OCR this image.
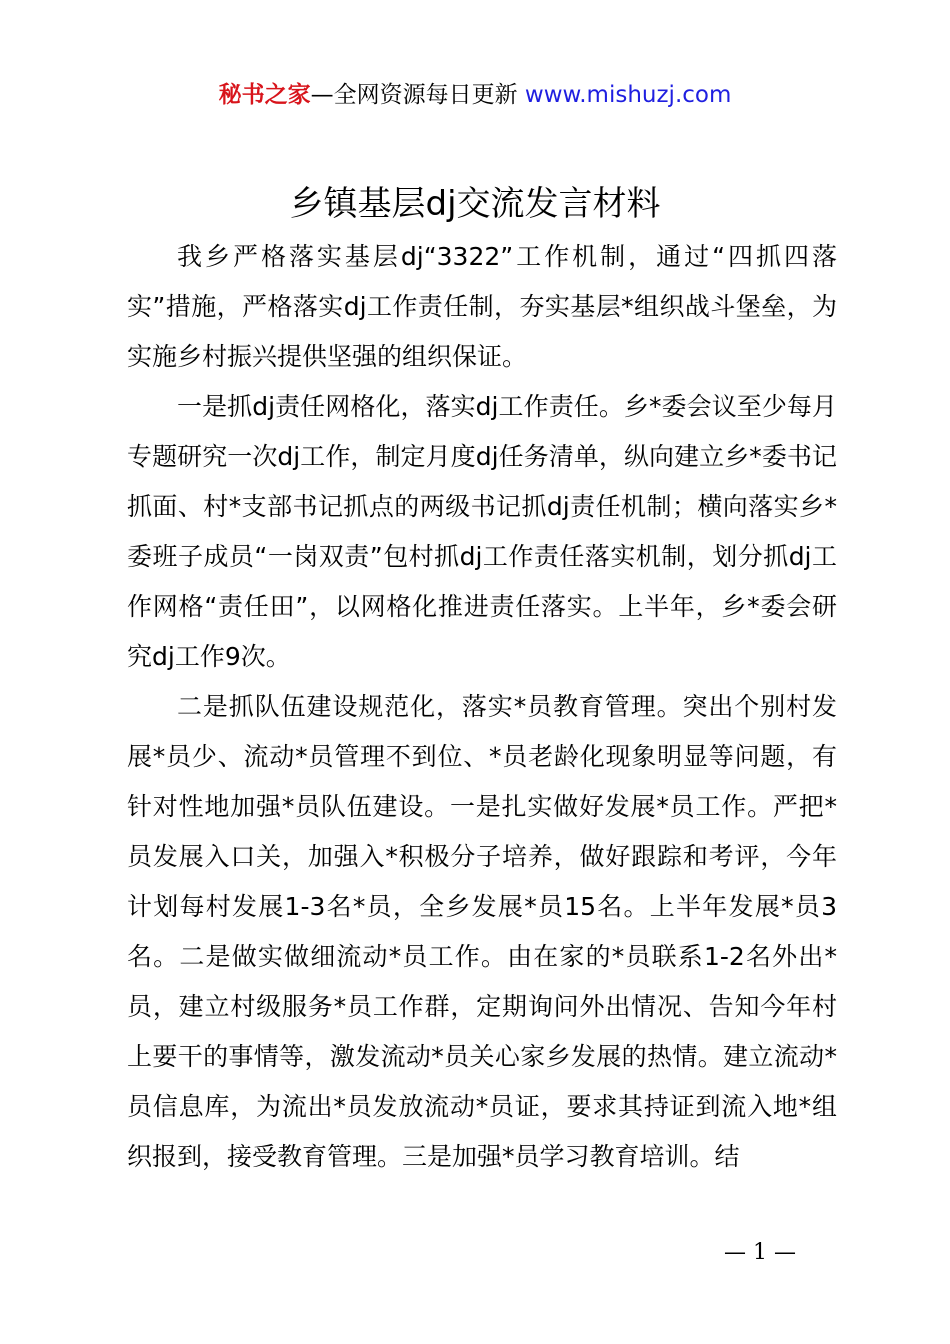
秘书之家—全网资源每日更新 www.mishuzj.com
乡镇基层dj交流发言材料

我乡严格落实基层dj“3322”工作机制，通过“四抓四落实”措施，严格落实dj工作责任制，夯实基层*组织战斗堡垒，为实施乡村振兴提供坚强的组织保证。

一是抓dj责任网格化，落实dj工作责任。乡*委会议至少每月专题研究一次dj工作，制定月度dj任务清单，纵向建立乡*委书记抓面、村*支部书记抓点的两级书记抓dj责任机制；横向落实乡*委班子成员“一岗双责”包村抓dj工作责任落实机制，划分抓dj工作网格“责任田”，以网格化推进责任落实。上半年，乡*委会研究dj工作9次。

二是抓队伍建设规范化，落实*员教育管理。突出个别村发展*员少、流动*员管理不到位、*员老龄化现象明显等问题，有针对性地加强*员队伍建设。一是扎实做好发展*员工作。严把*员发展入口关，加强入*积极分子培养，做好跟踪和考评，今年计划每村发展1-3名*员，全乡发展*员15名。上半年发展*员3名。二是做实做细流动*员工作。由在家的*员联系1-2名外出*员，建立村级服务*员工作群，定期询问外出情况、告知今年村上要干的事情等，激发流动*员关心家乡发展的热情。建立流动*员信息库，为流出*员发放流动*员证，要求其持证到流入地*组织报到，接受教育管理。三是加强*员学习教育培训。结

— 1 —
